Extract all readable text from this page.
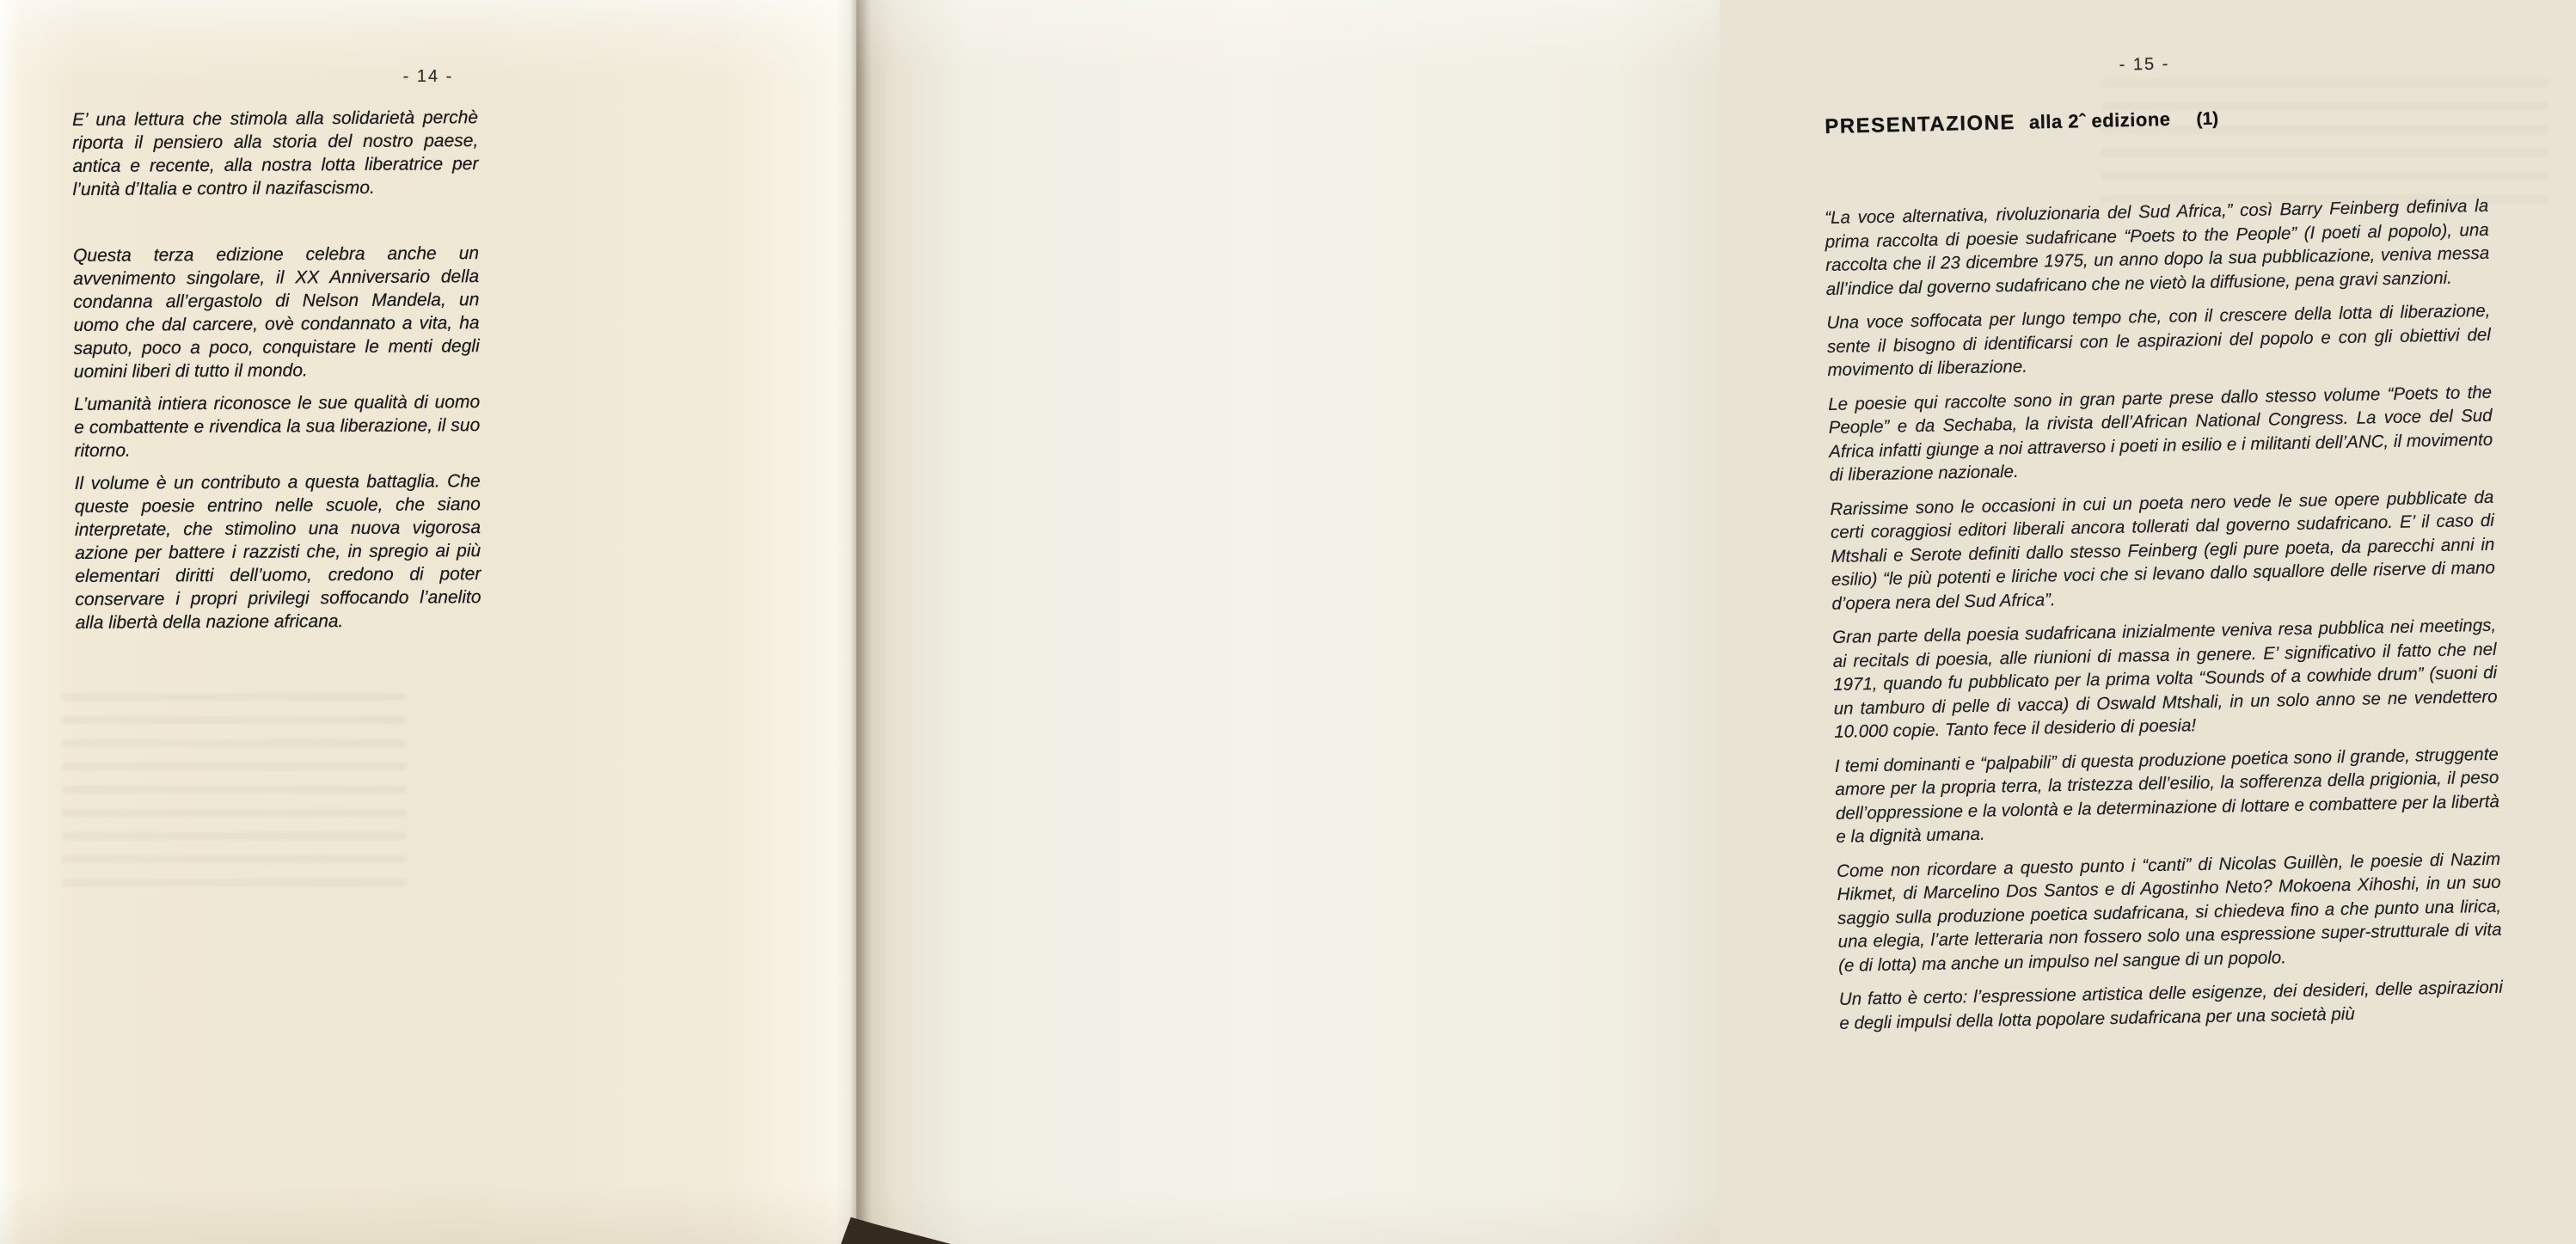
- 14 -

E’ una lettura che stimola alla solidarietà perchè riporta il pensiero alla storia del nostro paese, antica e recente, alla nostra lotta liberatrice per l’unità d’Italia e contro il nazifascismo.

Questa terza edizione celebra anche un avvenimento singolare, il XX Anniversario della condanna all’ergastolo di Nelson Mandela, un uomo che dal carcere, ovè condannato a vita, ha saputo, poco a poco, conquistare le menti degli uomini liberi di tutto il mondo.

L’umanità intiera riconosce le sue qualità di uomo e combattente e rivendica la sua liberazione, il suo ritorno.

Il volume è un contributo a questa battaglia. Che queste poesie entrino nelle scuole, che siano interpretate, che stimolino una nuova vigorosa azione per battere i razzisti che, in spregio ai più elementari diritti dell’uomo, credono di poter conservare i propri privilegi soffocando l’anelito alla libertà della nazione africana.

- 15 -
PRESENTAZIONE alla 2ˆ edizione (1)

“La voce alternativa, rivoluzionaria del Sud Africa,” così Barry Feinberg definiva la prima raccolta di poesie sudafricane “Poets to the People” (I poeti al popolo), una raccolta che il 23 dicembre 1975, un anno dopo la sua pubblicazione, veniva messa all’indice dal governo sudafricano che ne vietò la diffusione, pena gravi sanzioni.

Una voce soffocata per lungo tempo che, con il crescere della lotta di liberazione, sente il bisogno di identificarsi con le aspirazioni del popolo e con gli obiettivi del movimento di liberazione.

Le poesie qui raccolte sono in gran parte prese dallo stesso volume “Poets to the People” e da Sechaba, la rivista dell’African National Congress. La voce del Sud Africa infatti giunge a noi attraverso i poeti in esilio e i militanti dell’ANC, il movimento di liberazione nazionale.

Rarissime sono le occasioni in cui un poeta nero vede le sue opere pubblicate da certi coraggiosi editori liberali ancora tollerati dal governo sudafricano. E’ il caso di Mtshali e Serote definiti dallo stesso Feinberg (egli pure poeta, da parecchi anni in esilio) “le più potenti e liriche voci che si levano dallo squallore delle riserve di mano d’opera nera del Sud Africa”.

Gran parte della poesia sudafricana inizialmente veniva resa pubblica nei meetings, ai recitals di poesia, alle riunioni di massa in genere. E’ significativo il fatto che nel 1971, quando fu pubblicato per la prima volta “Sounds of a cowhide drum” (suoni di un tamburo di pelle di vacca) di Oswald Mtshali, in un solo anno se ne vendettero 10.000 copie. Tanto fece il desiderio di poesia!

I temi dominanti e “palpabili” di questa produzione poetica sono il grande, struggente amore per la propria terra, la tristezza dell’esilio, la sofferenza della prigionia, il peso dell’oppressione e la volontà e la determinazione di lottare e combattere per la libertà e la dignità umana.

Come non ricordare a questo punto i “canti” di Nicolas Guillèn, le poesie di Nazim Hikmet, di Marcelino Dos Santos e di Agostinho Neto? Mokoena Xihoshi, in un suo saggio sulla produzione poetica sudafricana, si chiedeva fino a che punto una lirica, una elegia, l’arte letteraria non fossero solo una espressione super-strutturale di vita (e di lotta) ma anche un impulso nel sangue di un popolo.

Un fatto è certo: l’espressione artistica delle esigenze, dei desideri, delle aspirazioni e degli impulsi della lotta popolare sudafricana per una società più
